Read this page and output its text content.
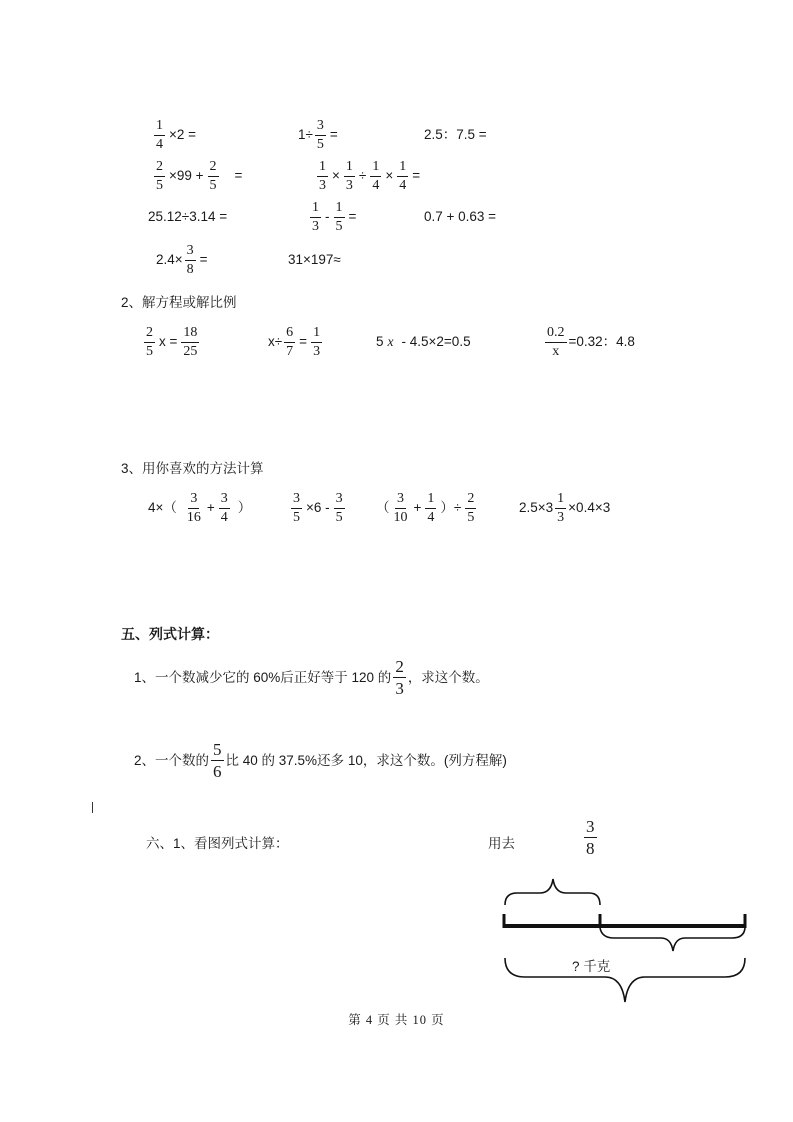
$\frac{1}{4} \times 2$ =	$1\div \frac{3}{5}$ =	2.5：7.5 =
$\frac{2}{5} \times 99 + \frac{2}{5}$ =	$\frac{1}{3} \times \frac{1}{3} \div \frac{1}{4} \times \frac{1}{4}$ =
25.12÷3.14 =	$\frac{1}{3} - \frac{1}{5}$ =	0.7 + 0.63 =
$2.4\times \frac{3}{8}$ =	31×197≈
2、解方程或解比例
$\frac{2}{5}$ $x = \frac{18}{25}$	$x\div \frac{6}{7} = \frac{1}{3}$	5 x - 4.5×2=0.5	$\frac{0.2}{x} =0.32$：4.8
3、用你喜欢的方法计算
$4\times( \frac{3}{16} + \frac{3}{4}$ ）	$\frac{3}{5} \times 6 - \frac{3}{5}$ （ $\frac{3}{10} + \frac{1}{4}$ ）÷ $\frac{2}{5}$	$2.5\times 3 \frac{1}{3} \times 0.4\times 3$
五、列式计算：
1、一个数减少它的 60%后正好等于 120 的 $\frac{2}{3}$ ，求这个数。
2、一个数的 $\frac{5}{6}$ 比 40 的 37.5%还多 10，求这个数。(列方程解)
六、1、看图列式计算：	用去	$\frac{3}{8}$
? 千克
第 4 页 共 10 页
